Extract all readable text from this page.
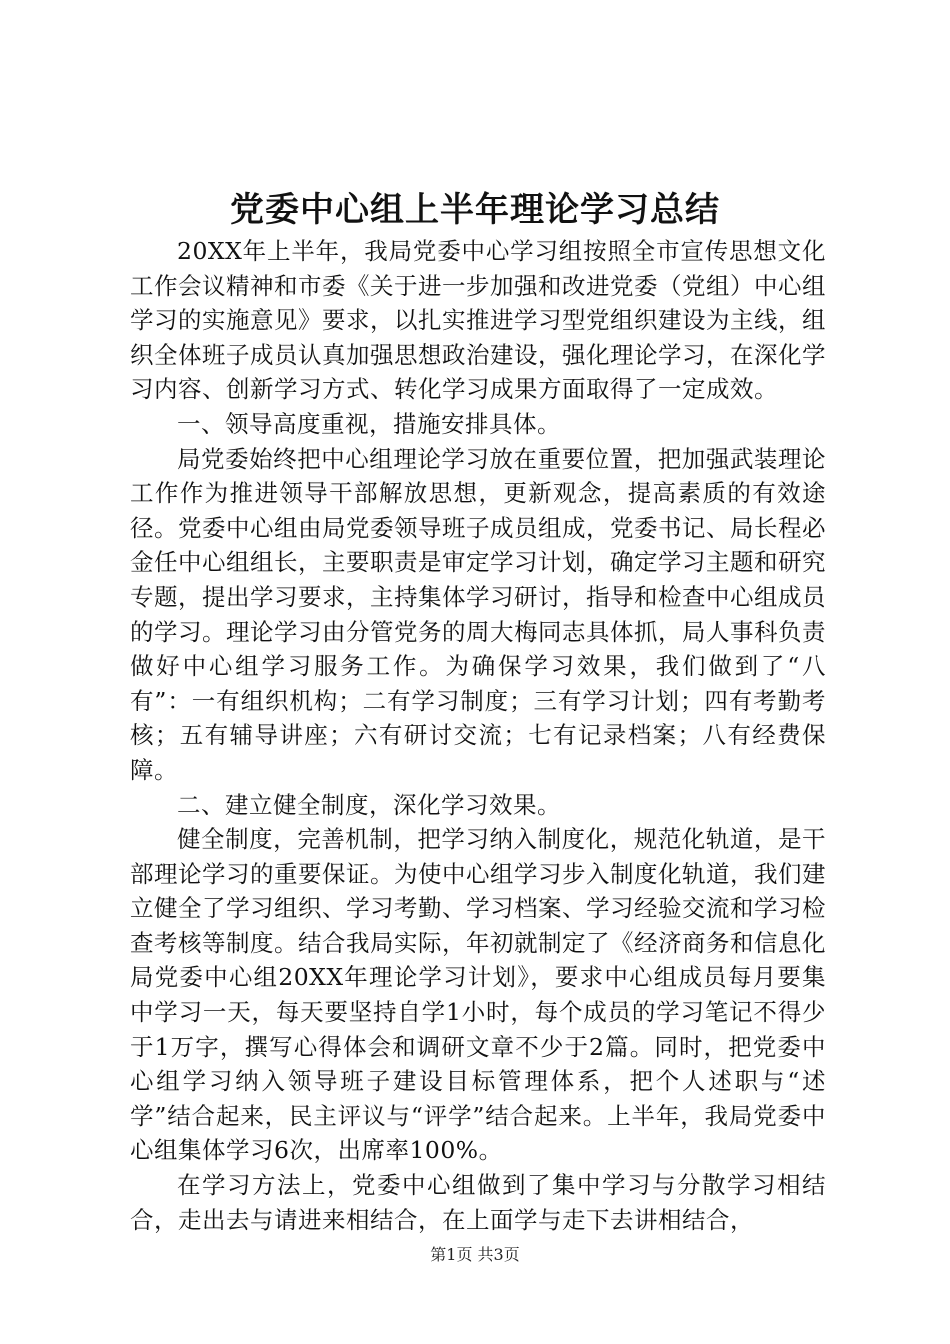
党委中心组上半年理论学习总结

20XX年上半年，我局党委中心学习组按照全市宣传思想文化工作会议精神和市委《关于进一步加强和改进党委（党组）中心组学习的实施意见》要求，以扎实推进学习型党组织建设为主线，组织全体班子成员认真加强思想政治建设，强化理论学习，在深化学习内容、创新学习方式、转化学习成果方面取得了一定成效。

一、领导高度重视，措施安排具体。

局党委始终把中心组理论学习放在重要位置，把加强武装理论工作作为推进领导干部解放思想，更新观念，提高素质的有效途径。党委中心组由局党委领导班子成员组成，党委书记、局长程必金任中心组组长，主要职责是审定学习计划，确定学习主题和研究专题，提出学习要求，主持集体学习研讨，指导和检查中心组成员的学习。理论学习由分管党务的周大梅同志具体抓，局人事科负责做好中心组学习服务工作。为确保学习效果，我们做到了“八有”：一有组织机构；二有学习制度；三有学习计划；四有考勤考核；五有辅导讲座；六有研讨交流；七有记录档案；八有经费保障。

二、建立健全制度，深化学习效果。

健全制度，完善机制，把学习纳入制度化，规范化轨道，是干部理论学习的重要保证。为使中心组学习步入制度化轨道，我们建立健全了学习组织、学习考勤、学习档案、学习经验交流和学习检查考核等制度。结合我局实际，年初就制定了《经济商务和信息化局党委中心组20XX年理论学习计划》，要求中心组成员每月要集中学习一天，每天要坚持自学1小时，每个成员的学习笔记不得少于1万字，撰写心得体会和调研文章不少于2篇。同时，把党委中心组学习纳入领导班子建设目标管理体系，把个人述职与“述学”结合起来，民主评议与“评学”结合起来。上半年，我局党委中心组集体学习6次，出席率100%。

在学习方法上，党委中心组做到了集中学习与分散学习相结合，走出去与请进来相结合，在上面学与走下去讲相结合，

第1页 共3页
